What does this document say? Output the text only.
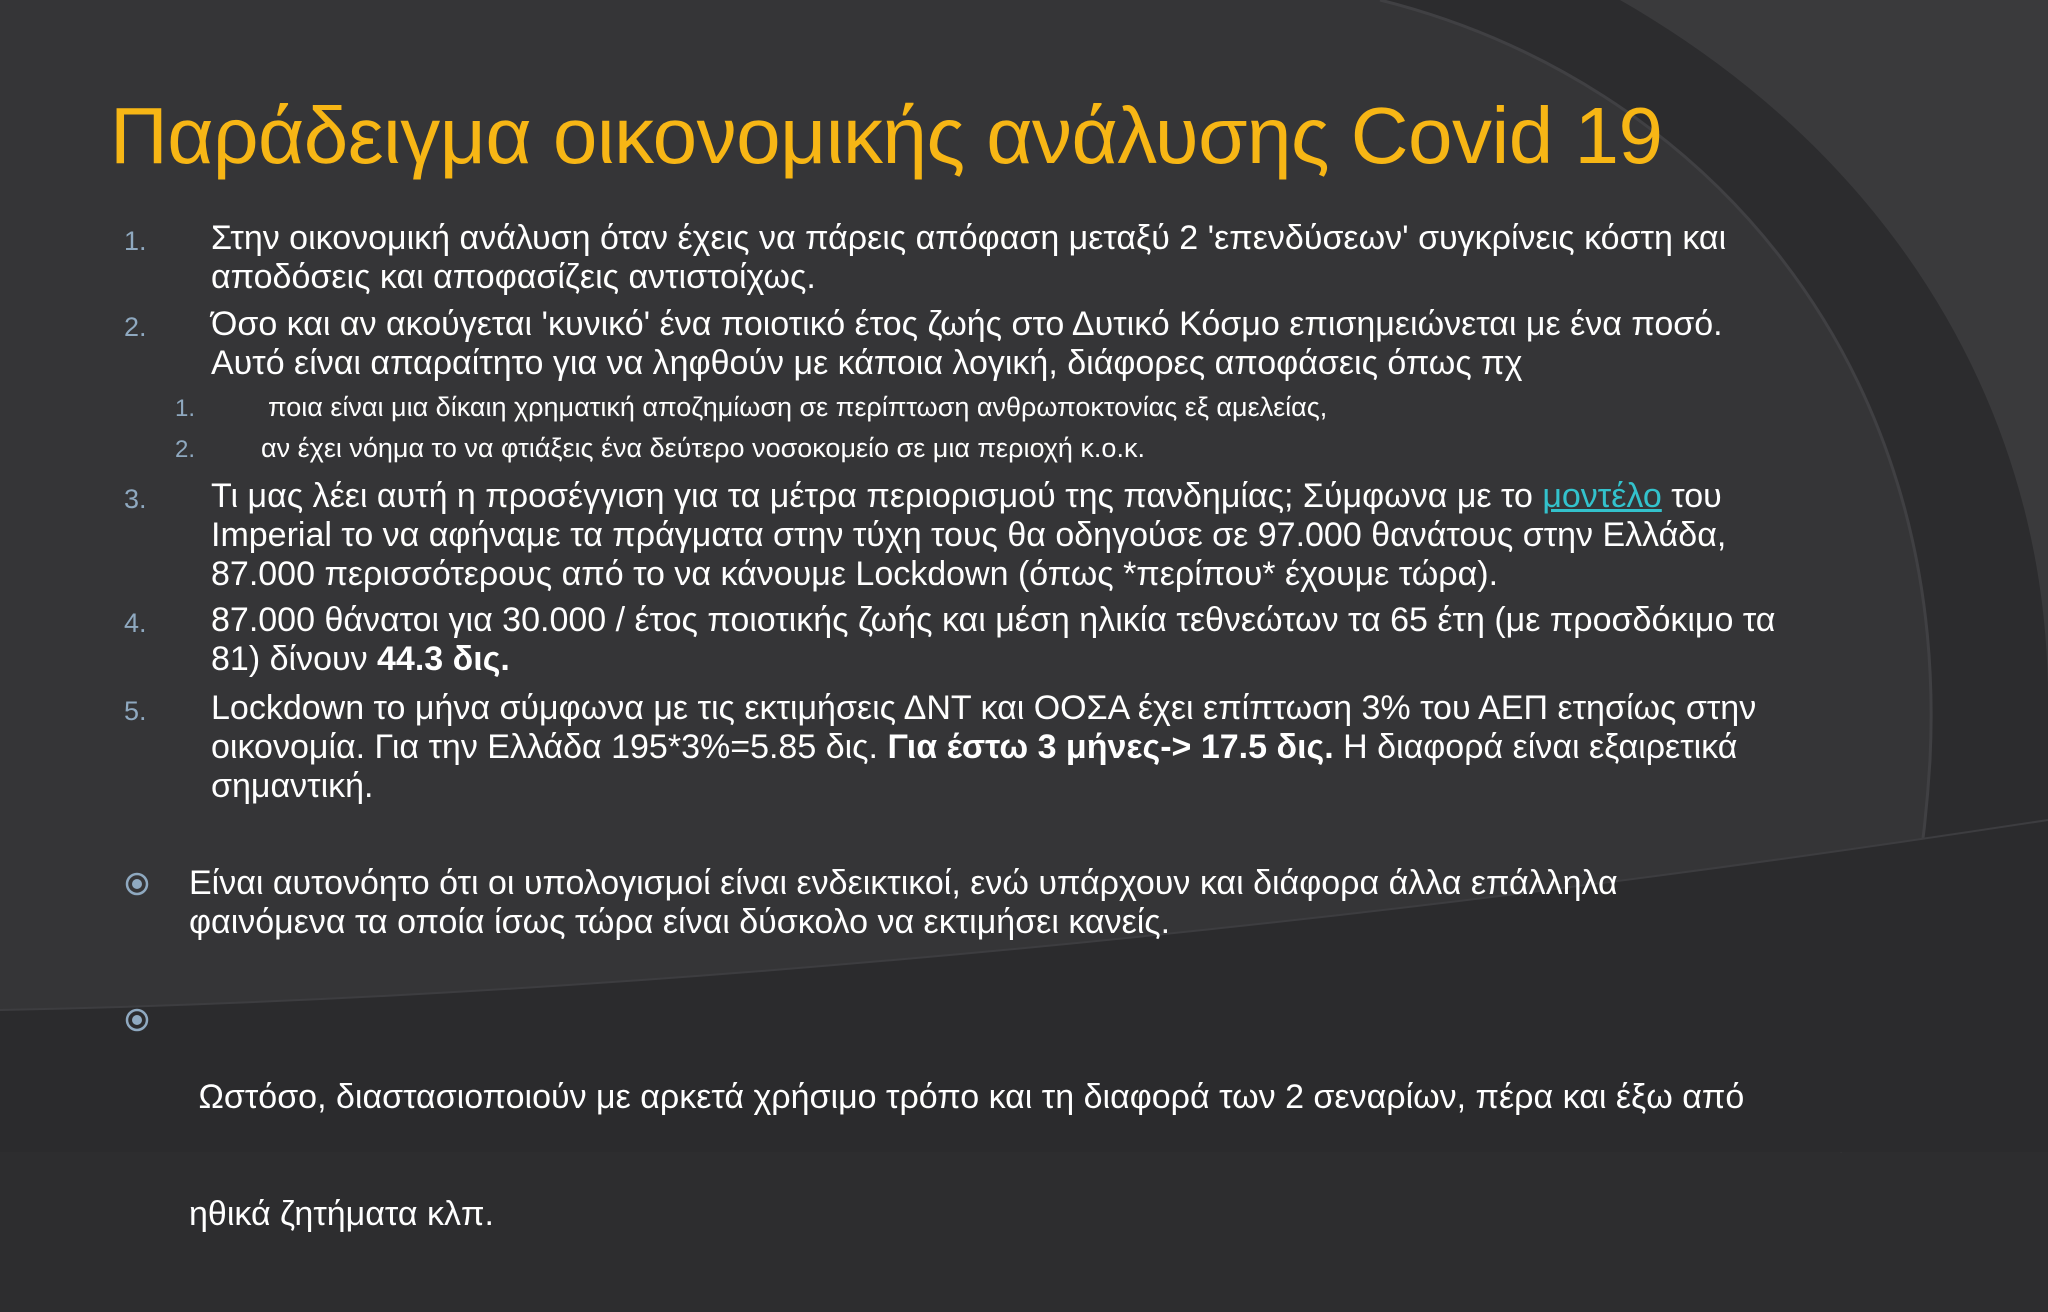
Παράδειγμα οικονομικής ανάλυσης Covid 19
1. Στην οικονομική ανάλυση όταν έχεις να πάρεις απόφαση μεταξύ 2 'επενδύσεων' συγκρίνεις κόστη και
αποδόσεις και αποφασίζεις αντιστοίχως.
2. Όσο και αν ακούγεται 'κυνικό' ένα ποιοτικό έτος ζωής στο Δυτικό Κόσμο επισημειώνεται με ένα ποσό.
Αυτό είναι απαραίτητο για να ληφθούν με κάποια λογική, διάφορες αποφάσεις όπως πχ
1.	ποια είναι μια δίκαιη χρηματική αποζημίωση σε περίπτωση ανθρωποκτονίας εξ αμελείας,
2. αν έχει νόημα το να φτιάξεις ένα δεύτερο νοσοκομείο σε μια περιοχή κ.ο.κ.
3. Τι μας λέει αυτή η προσέγγιση για τα μέτρα περιορισμού της πανδημίας; Σύμφωνα με το μοντέλο του
Imperial το να αφήναμε τα πράγματα στην τύχη τους θα οδηγούσε σε 97.000 θανάτους στην Ελλάδα,
87.000 περισσότερους από το να κάνουμε Lockdown (όπως *περίπου* έχουμε τώρα).
4. 87.000 θάνατοι για 30.000 / έτος ποιοτικής ζωής και μέση ηλικία τεθνεώτων τα 65 έτη (με προσδόκιμο τα
81) δίνουν 44.3 δις.
5. Lockdown το μήνα σύμφωνα με τις εκτιμήσεις ΔΝΤ και ΟΟΣΑ έχει επίπτωση 3% του ΑΕΠ ετησίως στην
οικονομία. Για την Ελλάδα 195*3%=5.85 δις. Για έστω 3 μήνες-> 17.5 δις. Η διαφορά είναι εξαιρετικά
σημαντική.
Είναι αυτονόητο ότι οι υπολογισμοί είναι ενδεικτικοί, ενώ υπάρχουν και διάφορα άλλα επάλληλα
φαινόμενα τα οποία ίσως τώρα είναι δύσκολο να εκτιμήσει κανείς.

Ωστόσο, διαστασιοποιούν με αρκετά χρήσιμο τρόπο και τη διαφορά των 2 σεναρίων, πέρα και έξω από

ηθικά ζητήματα κλπ.
